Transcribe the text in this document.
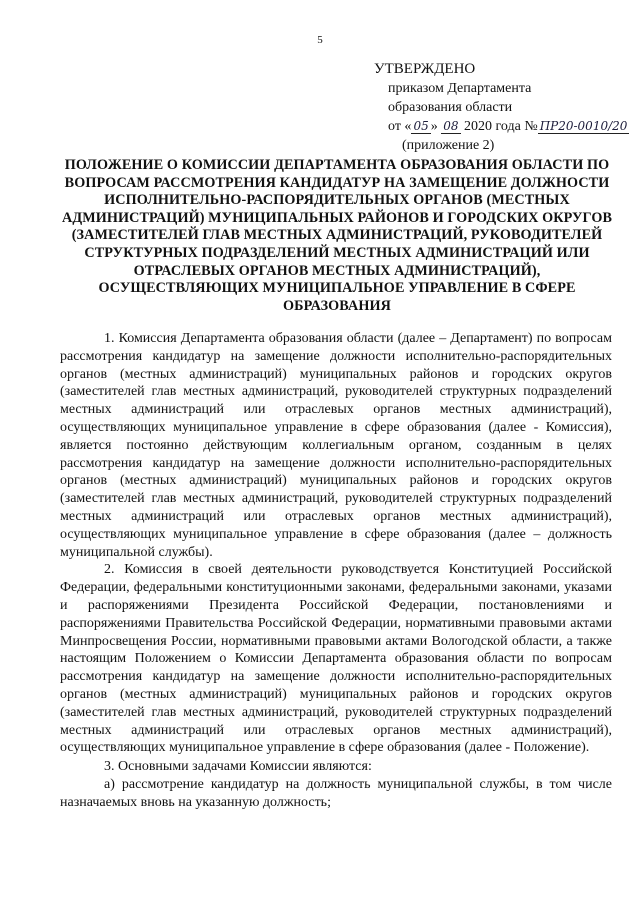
5
УТВЕРЖДЕНО
приказом Департамента
образования области
от « 05 » 08 2020 года № ПР20-0010/20
(приложение 2)
ПОЛОЖЕНИЕ О КОМИССИИ ДЕПАРТАМЕНТА ОБРАЗОВАНИЯ ОБЛАСТИ ПО ВОПРОСАМ РАССМОТРЕНИЯ КАНДИДАТУР НА ЗАМЕЩЕНИЕ ДОЛЖНОСТИ ИСПОЛНИТЕЛЬНО-РАСПОРЯДИТЕЛЬНЫХ ОРГАНОВ (МЕСТНЫХ АДМИНИСТРАЦИЙ) МУНИЦИПАЛЬНЫХ РАЙОНОВ И ГОРОДСКИХ ОКРУГОВ (ЗАМЕСТИТЕЛЕЙ ГЛАВ МЕСТНЫХ АДМИНИСТРАЦИЙ, РУКОВОДИТЕЛЕЙ СТРУКТУРНЫХ ПОДРАЗДЕЛЕНИЙ МЕСТНЫХ АДМИНИСТРАЦИЙ ИЛИ ОТРАСЛЕВЫХ ОРГАНОВ МЕСТНЫХ АДМИНИСТРАЦИЙ), ОСУЩЕСТВЛЯЮЩИХ МУНИЦИПАЛЬНОЕ УПРАВЛЕНИЕ В СФЕРЕ ОБРАЗОВАНИЯ

1. Комиссия Департамента образования области (далее – Департамент) по вопросам рассмотрения кандидатур на замещение должности исполнительно-распорядительных органов (местных администраций) муниципальных районов и городских округов (заместителей глав местных администраций, руководителей структурных подразделений местных администраций или отраслевых органов местных администраций), осуществляющих муниципальное управление в сфере образования (далее - Комиссия), является постоянно действующим коллегиальным органом, созданным в целях рассмотрения кандидатур на замещение должности исполнительно-распорядительных органов (местных администраций) муниципальных районов и городских округов (заместителей глав местных администраций, руководителей структурных подразделений местных администраций или отраслевых органов местных администраций), осуществляющих муниципальное управление в сфере образования (далее – должность муниципальной службы).

2. Комиссия в своей деятельности руководствуется Конституцией Российской Федерации, федеральными конституционными законами, федеральными законами, указами и распоряжениями Президента Российской Федерации, постановлениями и распоряжениями Правительства Российской Федерации, нормативными правовыми актами Минпросвещения России, нормативными правовыми актами Вологодской области, а также настоящим Положением о Комиссии Департамента образования области по вопросам рассмотрения кандидатур на замещение должности исполнительно-распорядительных органов (местных администраций) муниципальных районов и городских округов (заместителей глав местных администраций, руководителей структурных подразделений местных администраций или отраслевых органов местных администраций), осуществляющих муниципальное управление в сфере образования (далее - Положение).

3. Основными задачами Комиссии являются:

а) рассмотрение кандидатур на должность муниципальной службы, в том числе назначаемых вновь на указанную должность;
